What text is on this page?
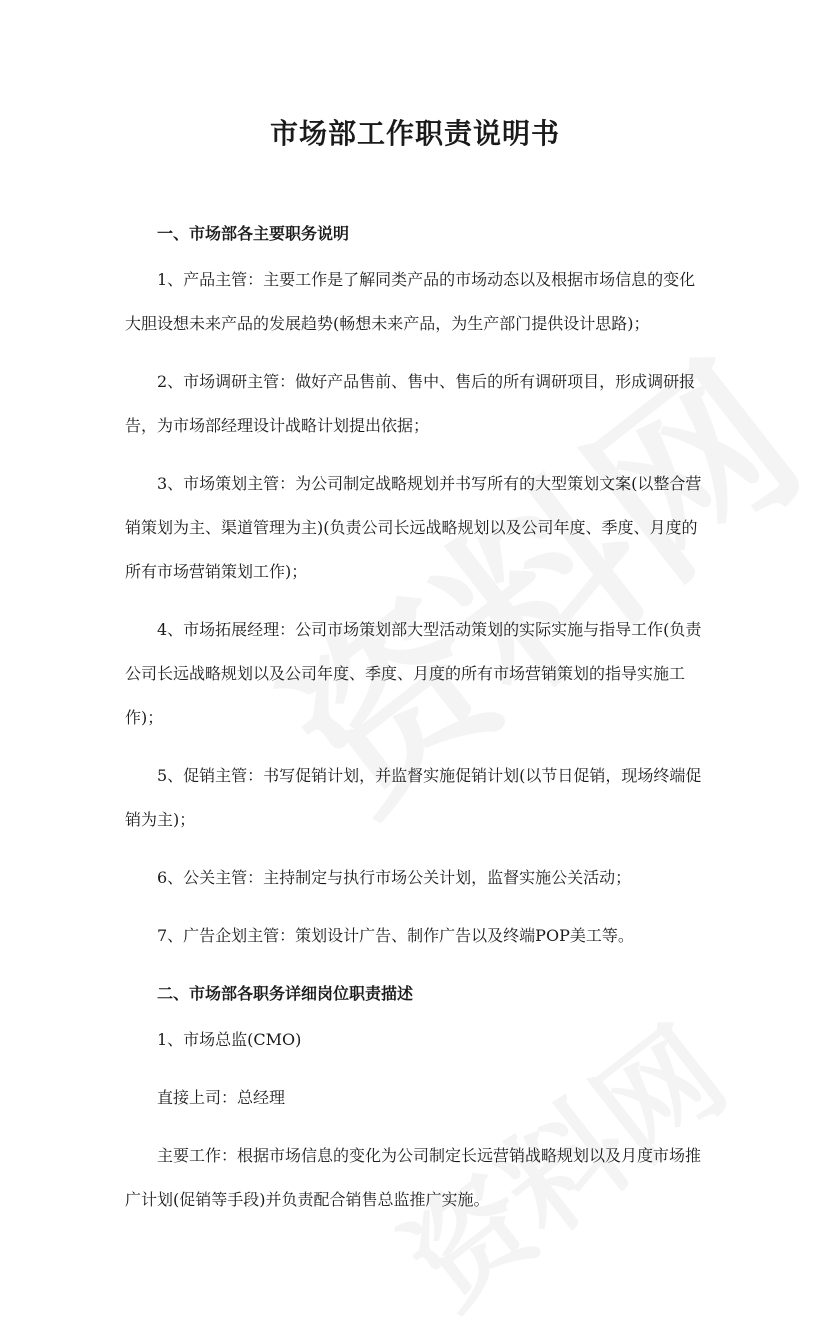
市场部工作职责说明书

一、市场部各主要职务说明

1、产品主管：主要工作是了解同类产品的市场动态以及根据市场信息的变化大胆设想未来产品的发展趋势(畅想未来产品，为生产部门提供设计思路)；

2、市场调研主管：做好产品售前、售中、售后的所有调研项目，形成调研报告，为市场部经理设计战略计划提出依据；

3、市场策划主管：为公司制定战略规划并书写所有的大型策划文案(以整合营销策划为主、渠道管理为主)(负责公司长远战略规划以及公司年度、季度、月度的所有市场营销策划工作)；

4、市场拓展经理：公司市场策划部大型活动策划的实际实施与指导工作(负责公司长远战略规划以及公司年度、季度、月度的所有市场营销策划的指导实施工作)；

5、促销主管：书写促销计划，并监督实施促销计划(以节日促销，现场终端促销为主)；

6、公关主管：主持制定与执行市场公关计划，监督实施公关活动；

7、广告企划主管：策划设计广告、制作广告以及终端POP美工等。

二、市场部各职务详细岗位职责描述

1、市场总监(CMO)

直接上司：总经理

主要工作：根据市场信息的变化为公司制定长远营销战略规划以及月度市场推广计划(促销等手段)并负责配合销售总监推广实施。
